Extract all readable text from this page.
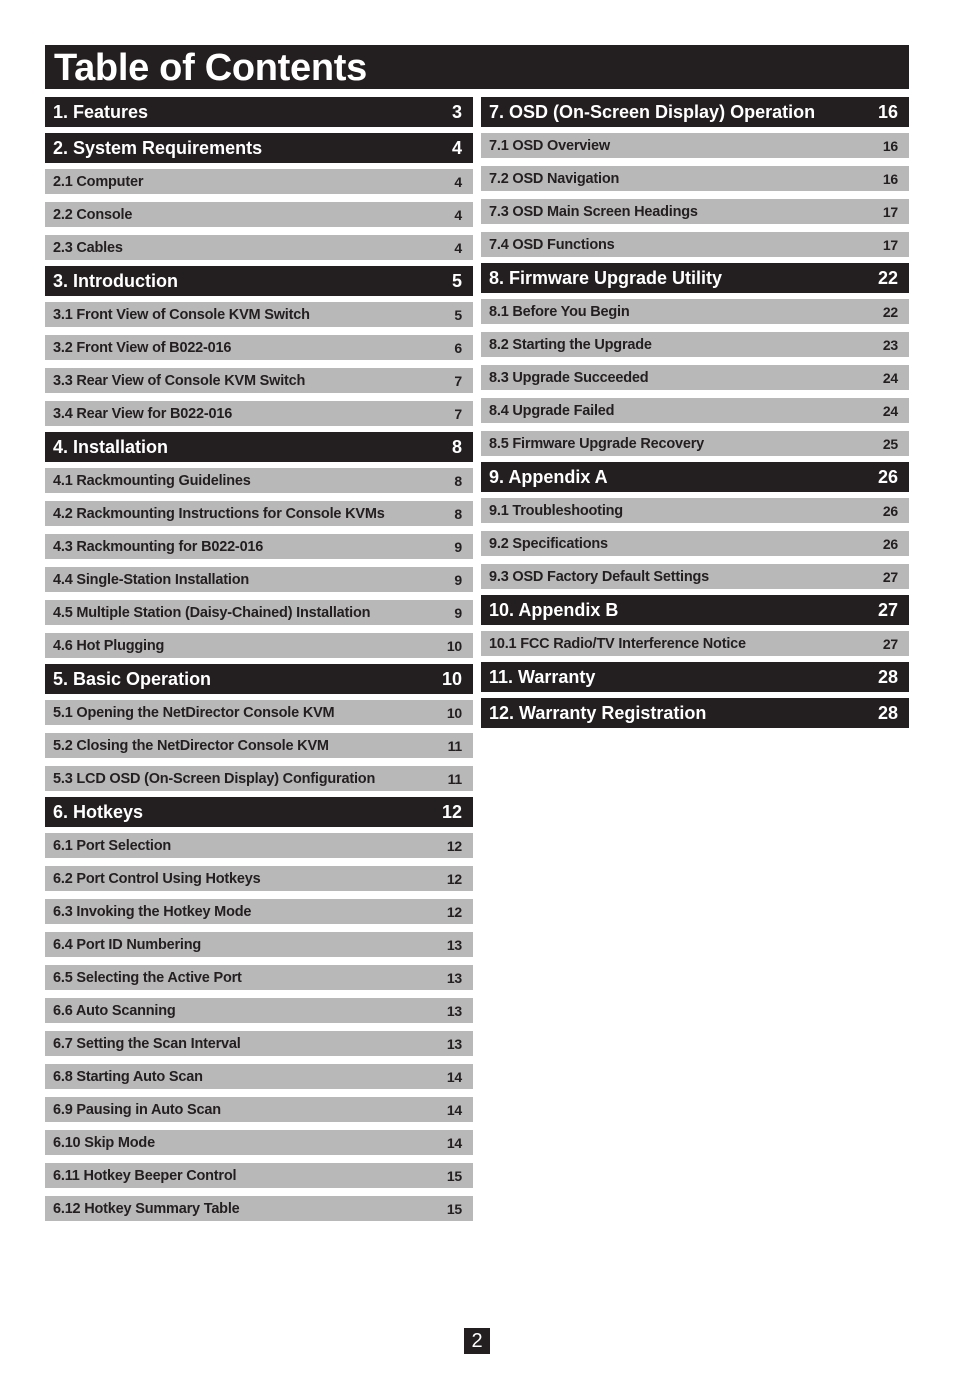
Table of Contents
1. Features	3
2. System Requirements	4
2.1 Computer	4
2.2 Console	4
2.3 Cables	4
3. Introduction	5
3.1 Front View of Console KVM Switch	5
3.2 Front View of B022-016	6
3.3 Rear View of Console KVM Switch	7
3.4 Rear View for B022-016	7
4. Installation	8
4.1 Rackmounting Guidelines	8
4.2 Rackmounting Instructions for Console KVMs	8
4.3 Rackmounting for B022-016	9
4.4 Single-Station Installation	9
4.5 Multiple Station (Daisy-Chained) Installation	9
4.6 Hot Plugging	10
5. Basic Operation	10
5.1 Opening the NetDirector Console KVM	10
5.2 Closing the NetDirector Console KVM	11
5.3 LCD OSD (On-Screen Display) Configuration	11
6. Hotkeys	12
6.1 Port Selection	12
6.2 Port Control Using Hotkeys	12
6.3 Invoking the Hotkey Mode	12
6.4 Port ID Numbering	13
6.5 Selecting the Active Port	13
6.6 Auto Scanning	13
6.7 Setting the Scan Interval	13
6.8 Starting Auto Scan	14
6.9 Pausing in Auto Scan	14
6.10 Skip Mode	14
6.11 Hotkey Beeper Control	15
6.12 Hotkey Summary Table	15
7. OSD (On-Screen Display) Operation	16
7.1 OSD Overview	16
7.2 OSD Navigation	16
7.3 OSD Main Screen Headings	17
7.4 OSD Functions	17
8. Firmware Upgrade Utility	22
8.1 Before You Begin	22
8.2 Starting the Upgrade	23
8.3 Upgrade Succeeded	24
8.4 Upgrade Failed	24
8.5 Firmware Upgrade Recovery	25
9. Appendix A	26
9.1 Troubleshooting	26
9.2 Specifications	26
9.3 OSD Factory Default Settings	27
10. Appendix B	27
10.1 FCC Radio/TV Interference Notice	27
11. Warranty	28
12. Warranty Registration	28
2
